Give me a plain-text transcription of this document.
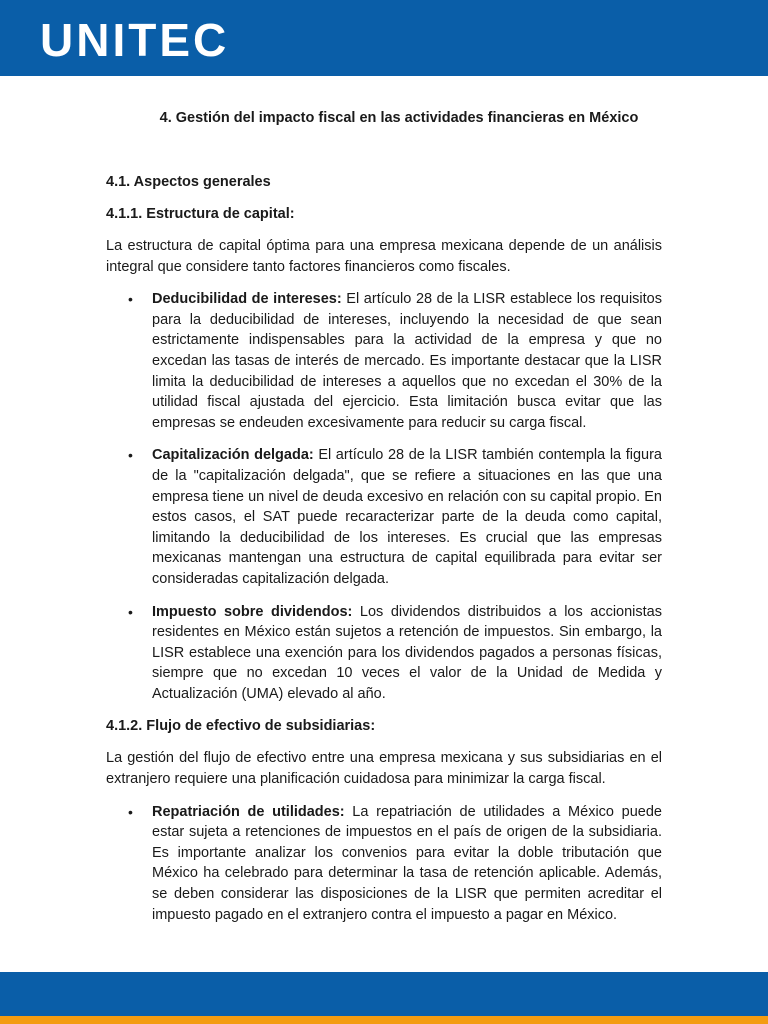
UNITEC
4. Gestión del impacto fiscal en las actividades financieras en México
4.1. Aspectos generales
4.1.1. Estructura de capital:

La estructura de capital óptima para una empresa mexicana depende de un análisis integral que considere tanto factores financieros como fiscales.

• Deducibilidad de intereses: El artículo 28 de la LISR establece los requisitos para la deducibilidad de intereses, incluyendo la necesidad de que sean estrictamente indispensables para la actividad de la empresa y que no excedan las tasas de interés de mercado. Es importante destacar que la LISR limita la deducibilidad de intereses a aquellos que no excedan el 30% de la utilidad fiscal ajustada del ejercicio. Esta limitación busca evitar que las empresas se endeuden excesivamente para reducir su carga fiscal.
• Capitalización delgada: El artículo 28 de la LISR también contempla la figura de la "capitalización delgada", que se refiere a situaciones en las que una empresa tiene un nivel de deuda excesivo en relación con su capital propio. En estos casos, el SAT puede recaracterizar parte de la deuda como capital, limitando la deducibilidad de los intereses. Es crucial que las empresas mexicanas mantengan una estructura de capital equilibrada para evitar ser consideradas capitalización delgada.
• Impuesto sobre dividendos: Los dividendos distribuidos a los accionistas residentes en México están sujetos a retención de impuestos. Sin embargo, la LISR establece una exención para los dividendos pagados a personas físicas, siempre que no excedan 10 veces el valor de la Unidad de Medida y Actualización (UMA) elevado al año.
4.1.2. Flujo de efectivo de subsidiarias:

La gestión del flujo de efectivo entre una empresa mexicana y sus subsidiarias en el extranjero requiere una planificación cuidadosa para minimizar la carga fiscal.

• Repatriación de utilidades: La repatriación de utilidades a México puede estar sujeta a retenciones de impuestos en el país de origen de la subsidiaria. Es importante analizar los convenios para evitar la doble tributación que México ha celebrado para determinar la tasa de retención aplicable. Además, se deben considerar las disposiciones de la LISR que permiten acreditar el impuesto pagado en el extranjero contra el impuesto a pagar en México.
